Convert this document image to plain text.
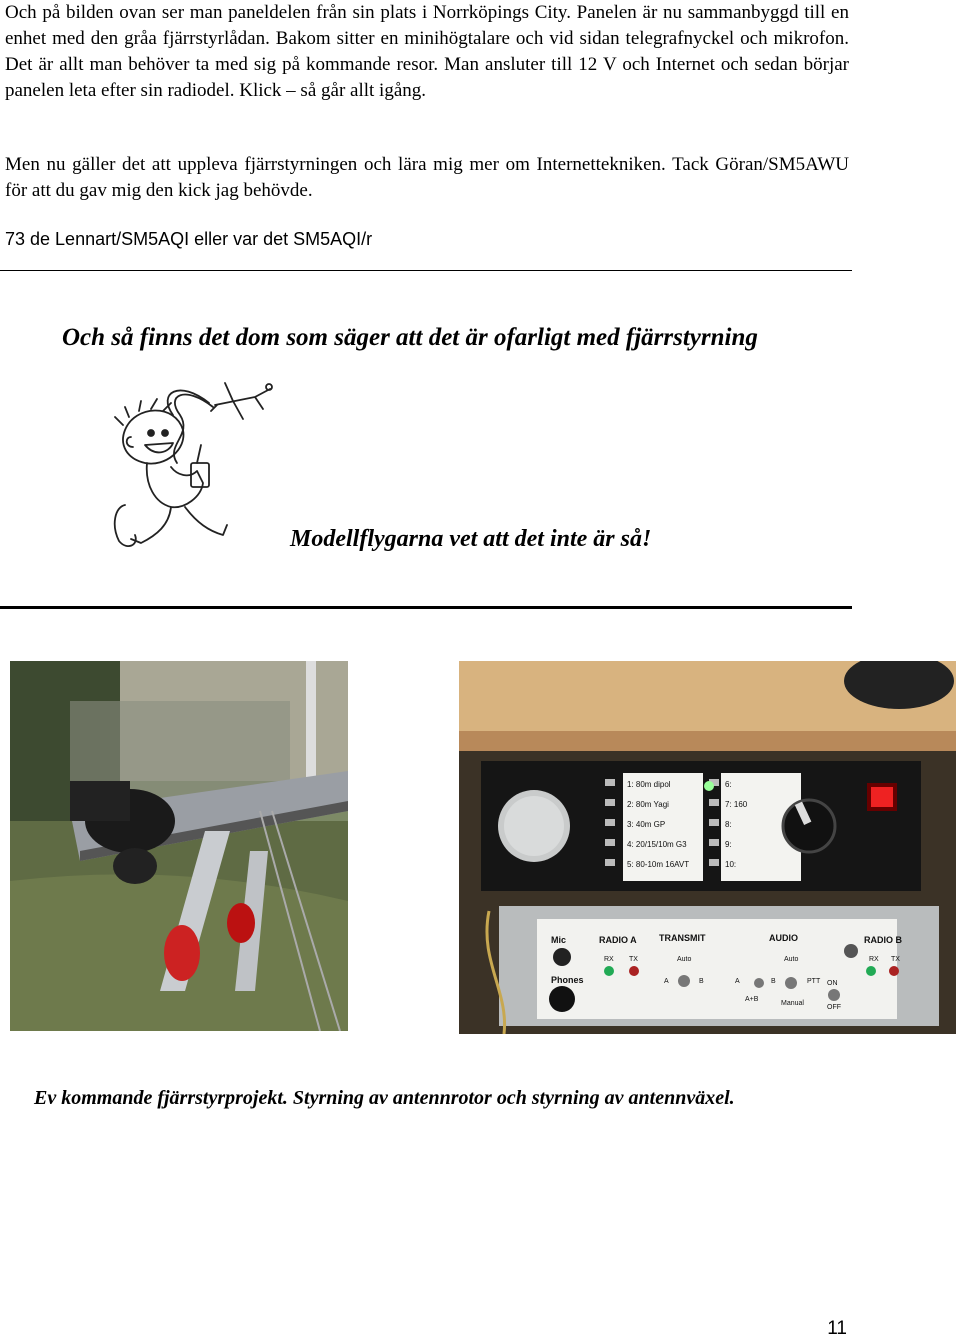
Och på bilden ovan ser man paneldelen från sin plats i Norrköpings City. Panelen är nu sammanbyggd till en enhet med den gråa fjärrstyrlådan. Bakom sitter en minihögtalare och vid sidan telegrafnyckel och mikrofon. Det är allt man behöver ta med sig på kommande resor. Man ansluter till 12 V och Internet och sedan börjar panelen leta efter sin radiodel. Klick – så går allt igång.
Men nu gäller det att uppleva fjärrstyrningen och lära mig mer om Internettekniken. Tack Göran/SM5AWU för att du gav mig den kick jag behövde.
73 de Lennart/SM5AQI eller var det SM5AQI/r
Och så finns det dom som säger att det är ofarligt med fjärrstyrning
Modellflygarna vet att det inte är så!
1: 80m dipol
2: 80m Yagi
3: 40m GP
4: 20/15/10m G3
5: 80-10m 16AVT
6:
7: 160
8:
9:
10:
Mic
Phones
RADIO A TRANSMIT	AUDIO	RADIO B
RX TX	Auto
A	B	A	B
A+B
Auto
Manual
PTT
RX TX
ON
OFF
Ev kommande fjärrstyrprojekt. Styrning av antennrotor och styrning av antennväxel.
11
